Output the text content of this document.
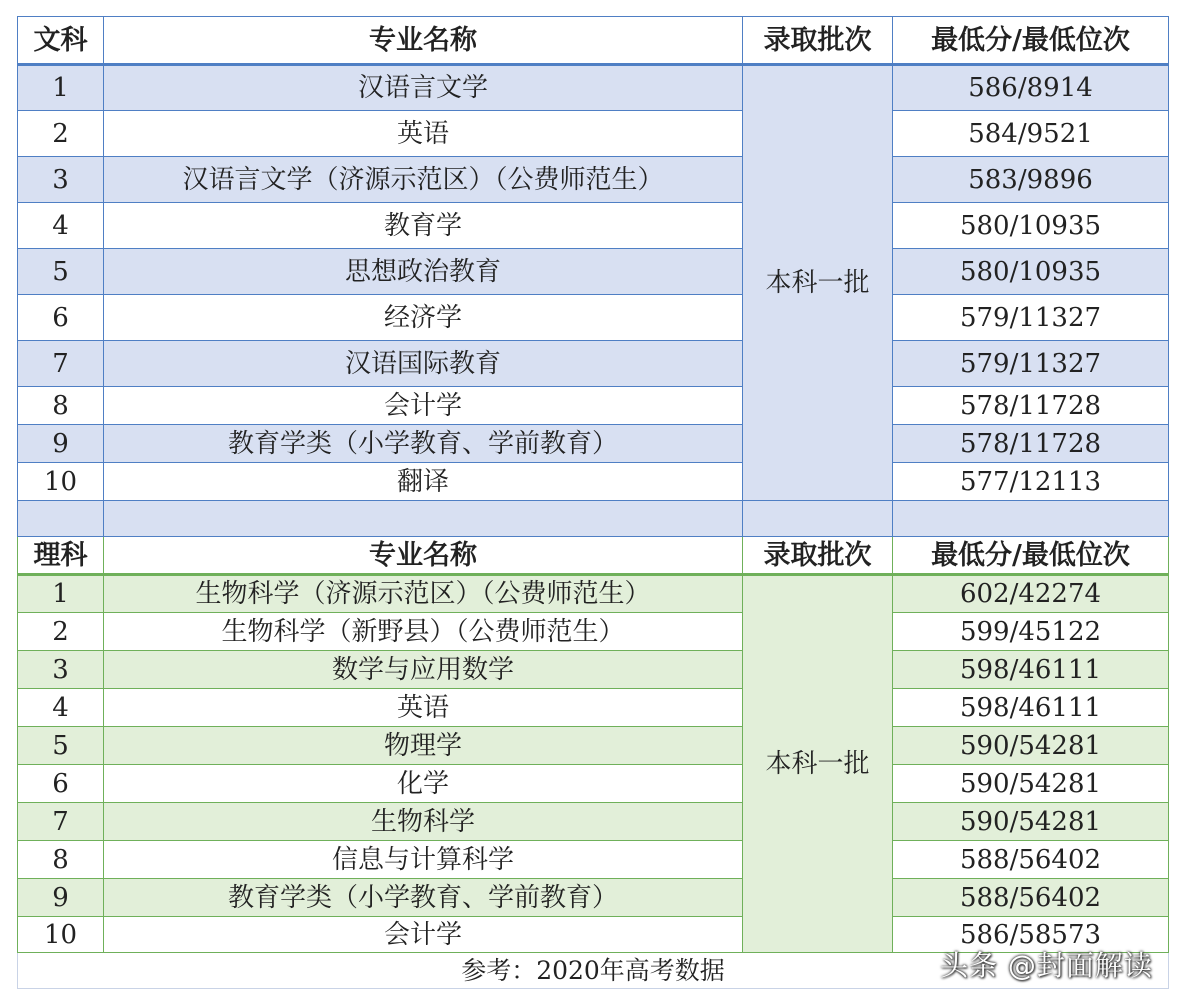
文科	专业名称	录取批次	最低分/最低位次
1	汉语言文学	本科一批	586/8914
2	英语		584/9521
3	汉语言文学（济源示范区）（公费师范生）		583/9896
4	教育学		580/10935
5	思想政治教育		580/10935
6	经济学		579/11327
7	汉语国际教育		579/11327
8	会计学		578/11728
9	教育学类（小学教育、学前教育）		578/11728
10	翻译		577/12113

理科	专业名称	录取批次	最低分/最低位次
1	生物科学（济源示范区）（公费师范生）	本科一批	602/42274
2	生物科学（新野县）（公费师范生）		599/45122
3	数学与应用数学		598/46111
4	英语		598/46111
5	物理学		590/54281
6	化学		590/54281
7	生物科学		590/54281
8	信息与计算科学		588/56402
9	教育学类（小学教育、学前教育）		588/56402
10	会计学		586/58573
参考：2020年高考数据				头条 @封面解读
